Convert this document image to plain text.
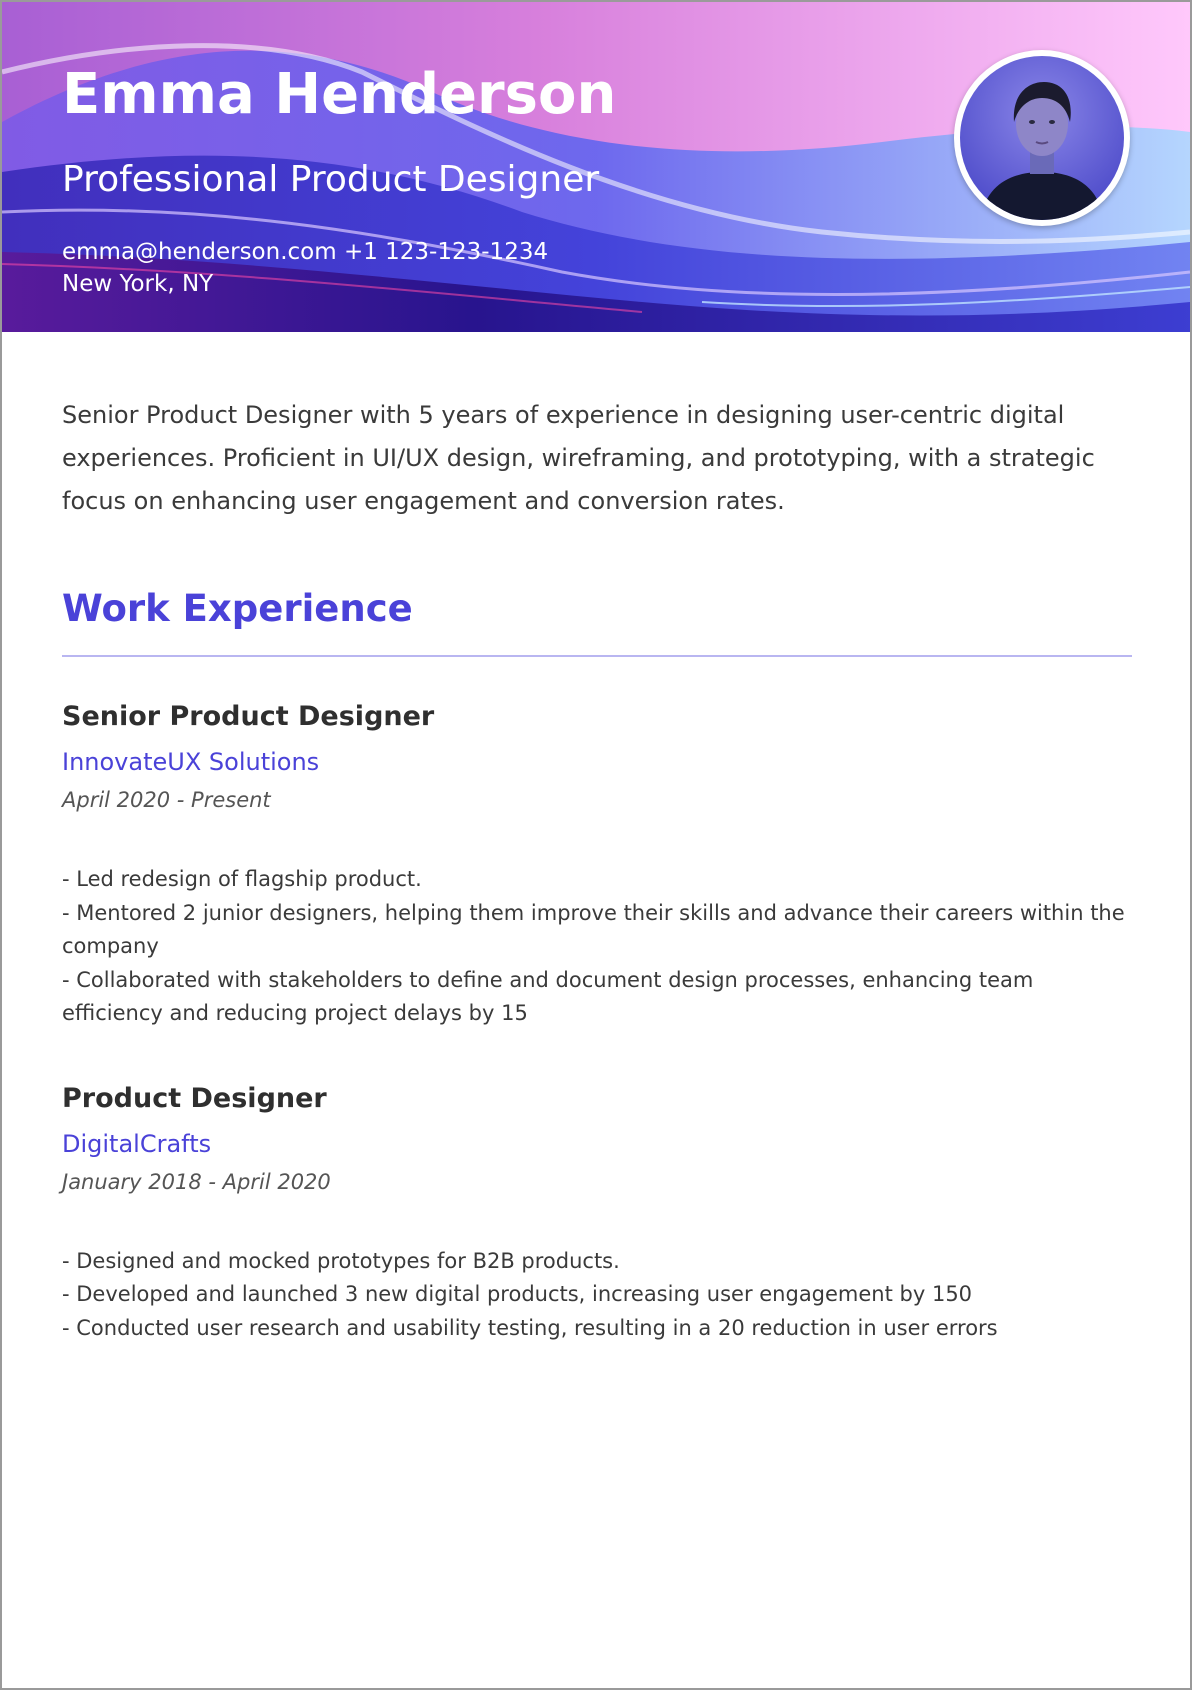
Emma Henderson
Professional Product Designer
emma@henderson.com +1 123-123-1234
New York, NY

Senior Product Designer with 5 years of experience in designing user-centric digital experiences. Proficient in UI/UX design, wireframing, and prototyping, with a strategic focus on enhancing user engagement and conversion rates.

Work Experience
Senior Product Designer
InnovateUX Solutions
April 2020 - Present
- Led redesign of flagship product.
- Mentored 2 junior designers, helping them improve their skills and advance their careers within the company
- Collaborated with stakeholders to define and document design processes, enhancing team efficiency and reducing project delays by 15
Product Designer
DigitalCrafts
January 2018 - April 2020
- Designed and mocked prototypes for B2B products.
- Developed and launched 3 new digital products, increasing user engagement by 150
- Conducted user research and usability testing, resulting in a 20 reduction in user errors
